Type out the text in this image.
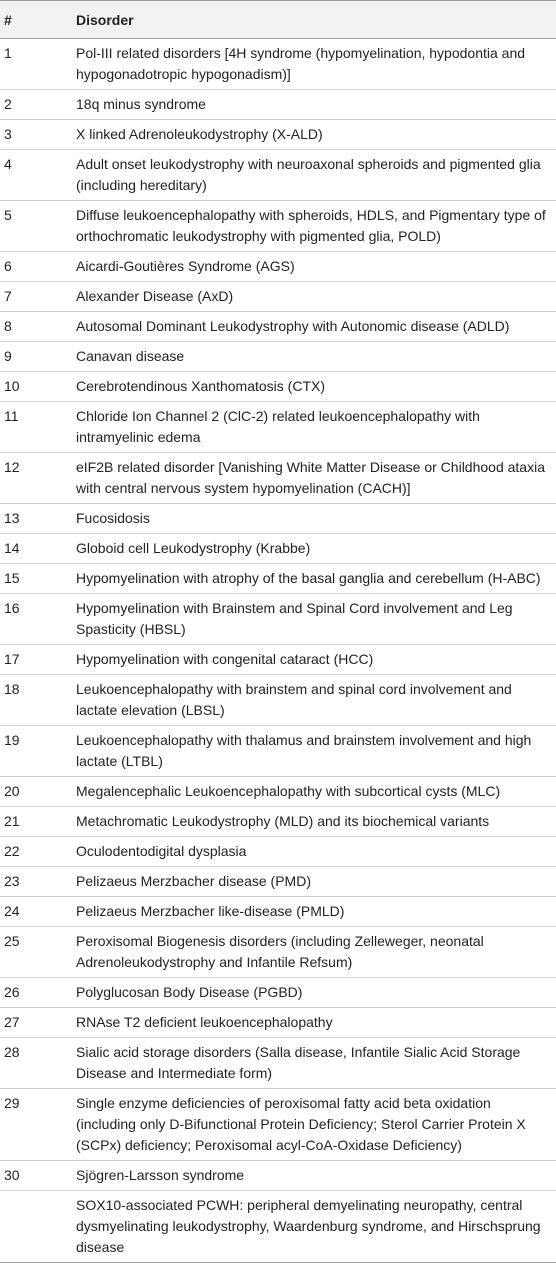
#	Disorder
1	Pol-III related disorders [4H syndrome (hypomyelination, hypodontia and hypogonadotropic hypogonadism)]
2	18q minus syndrome
3	X linked Adrenoleukodystrophy (X-ALD)
4	Adult onset leukodystrophy with neuroaxonal spheroids and pigmented glia (including hereditary)
5	Diffuse leukoencephalopathy with spheroids, HDLS, and Pigmentary type of orthochromatic leukodystrophy with pigmented glia, POLD)
6	Aicardi-Goutières Syndrome (AGS)
7	Alexander Disease (AxD)
8	Autosomal Dominant Leukodystrophy with Autonomic disease (ADLD)
9	Canavan disease
10	Cerebrotendinous Xanthomatosis (CTX)
11	Chloride Ion Channel 2 (ClC-2) related leukoencephalopathy with intramyelinic edema
12	eIF2B related disorder [Vanishing White Matter Disease or Childhood ataxia with central nervous system hypomyelination (CACH)]
13	Fucosidosis
14	Globoid cell Leukodystrophy (Krabbe)
15	Hypomyelination with atrophy of the basal ganglia and cerebellum (H-ABC)
16	Hypomyelination with Brainstem and Spinal Cord involvement and Leg Spasticity (HBSL)
17	Hypomyelination with congenital cataract (HCC)
18	Leukoencephalopathy with brainstem and spinal cord involvement and lactate elevation (LBSL)
19	Leukoencephalopathy with thalamus and brainstem involvement and high lactate (LTBL)
20	Megalencephalic Leukoencephalopathy with subcortical cysts (MLC)
21	Metachromatic Leukodystrophy (MLD) and its biochemical variants
22	Oculodentodigital dysplasia
23	Pelizaeus Merzbacher disease (PMD)
24	Pelizaeus Merzbacher like-disease (PMLD)
25	Peroxisomal Biogenesis disorders (including Zelleweger, neonatal Adrenoleukodystrophy and Infantile Refsum)
26	Polyglucosan Body Disease (PGBD)
27	RNAse T2 deficient leukoencephalopathy
28	Sialic acid storage disorders (Salla disease, Infantile Sialic Acid Storage Disease and Intermediate form)
29	Single enzyme deficiencies of peroxisomal fatty acid beta oxidation (including only D-Bifunctional Protein Deficiency; Sterol Carrier Protein X (SCPx) deficiency; Peroxisomal acyl-CoA-Oxidase Deficiency)
30	Sjögren-Larsson syndrome
	SOX10-associated PCWH: peripheral demyelinating neuropathy, central dysmyelinating leukodystrophy, Waardenburg syndrome, and Hirschsprung disease
